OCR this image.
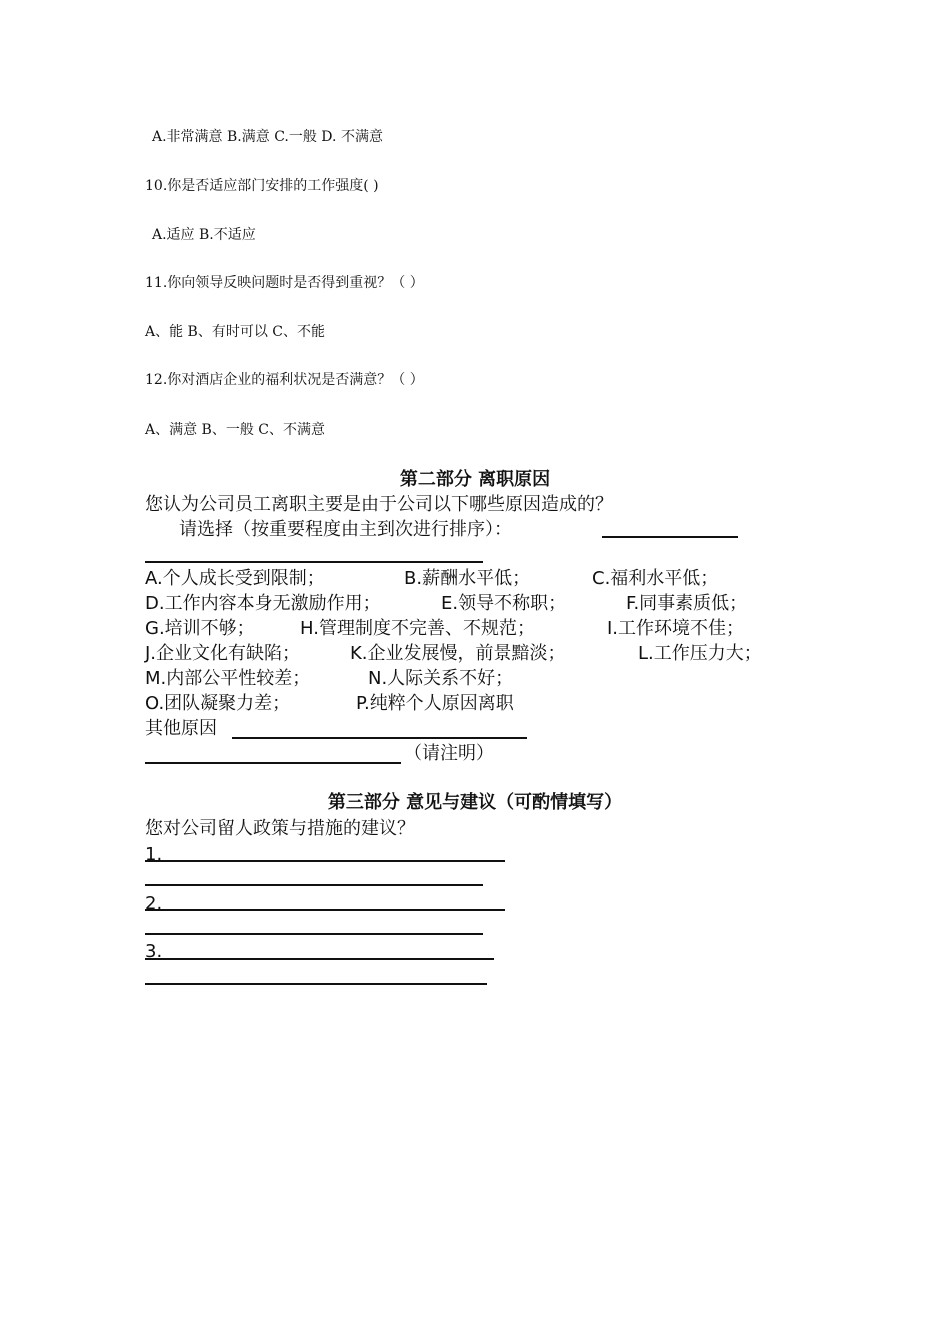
A.非常满意 B.满意 C.一般 D. 不满意
10.你是否适应部门安排的工作强度( )
A.适应 B.不适应
11.你向领导反映问题时是否得到重视？（ ）
A、能 B、有时可以 C、不能
12.你对酒店企业的福利状况是否满意？（ ）
A、满意 B、一般 C、不满意
第二部分 离职原因
您认为公司员工离职主要是由于公司以下哪些原因造成的？
请选择（按重要程度由主到次进行排序）：
A.个人成长受到限制；	B.薪酬水平低；	C.福利水平低；
D.工作内容本身无激励作用；	E.领导不称职；	F.同事素质低；
G.培训不够；	H.管理制度不完善、不规范；	I.工作环境不佳；
J.企业文化有缺陷；	K.企业发展慢，前景黯淡；	L.工作压力大；
M.内部公平性较差；	N.人际关系不好；
O.团队凝聚力差；	P.纯粹个人原因离职
其他原因
（请注明）
第三部分 意见与建议（可酌情填写）
您对公司留人政策与措施的建议？
1.
2.
3.
